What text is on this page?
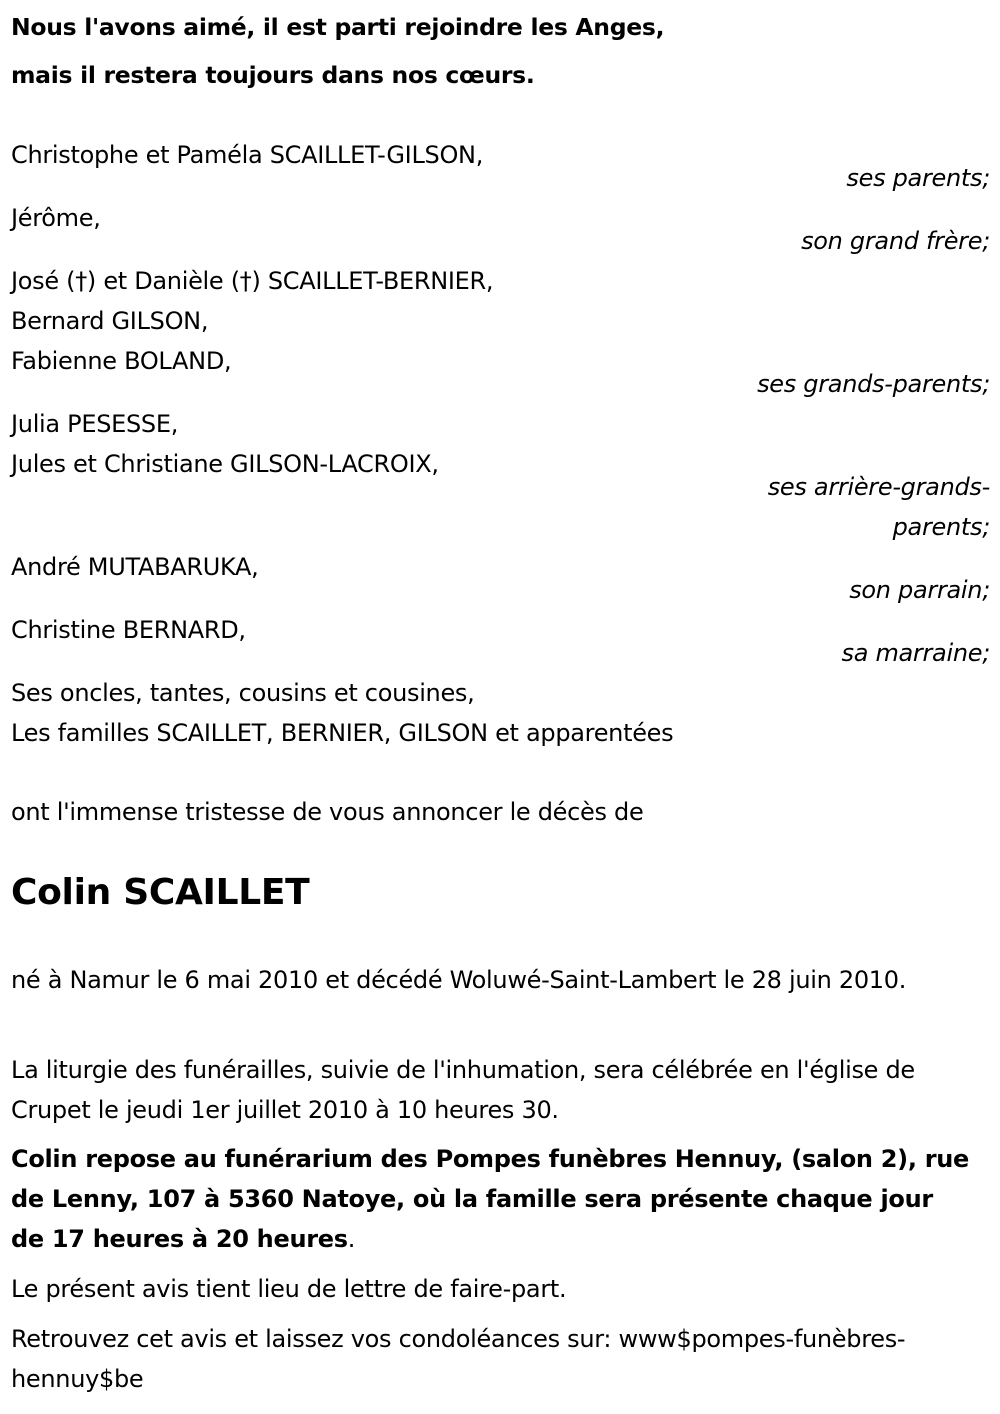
Nous l'avons aimé, il est parti rejoindre les Anges,
mais il restera toujours dans nos cœurs.
Christophe et Paméla SCAILLET-GILSON,
ses parents;
Jérôme,
son grand frère;
José (†) et Danièle (†) SCAILLET-BERNIER,
Bernard GILSON,
Fabienne BOLAND,
ses grands-parents;
Julia PESESSE,
Jules et Christiane GILSON-LACROIX,
ses arrière-grands-
parents;
André MUTABARUKA,
son parrain;
Christine BERNARD,
sa marraine;
Ses oncles, tantes, cousins et cousines,
Les familles SCAILLET, BERNIER, GILSON et apparentées
ont l'immense tristesse de vous annoncer le décès de
Colin SCAILLET
né à Namur le 6 mai 2010 et décédé Woluwé-Saint-Lambert le 28 juin 2010.
La liturgie des funérailles, suivie de l'inhumation, sera célébrée en l'église de Crupet le jeudi 1er juillet 2010 à 10 heures 30.
Colin repose au funérarium des Pompes funèbres Hennuy, (salon 2), rue de Lenny, 107 à 5360 Natoye, où la famille sera présente chaque jour de 17 heures à 20 heures.
Le présent avis tient lieu de lettre de faire-part.
Retrouvez cet avis et laissez vos condoléances sur: www$pompes-funèbres-hennuy$be
